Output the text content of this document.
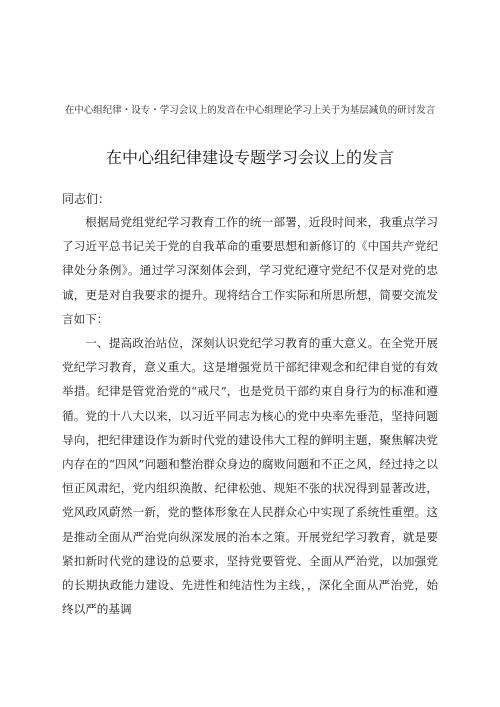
在中心组纪律・设专・学习会议上的发音在中心组理论学习上关于为基层减负的研讨发言
在中心组纪律建设专题学习会议上的发言
同志们：

根据局党组党纪学习教育工作的统一部署，近段时间来，我重点学习了习近平总书记关于党的自我革命的重要思想和新修订的《中国共产党纪律处分条例》。通过学习深刻体会到，学习党纪遵守党纪不仅是对党的忠诚，更是对自我要求的提升。现将结合工作实际和所思所想，简要交流发言如下：

一、提高政治站位，深刻认识党纪学习教育的重大意义。在全党开展党纪学习教育，意义重大。这是增强党员干部纪律观念和纪律自觉的有效举措。纪律是管党治党的“戒尺”，也是党员干部约束自身行为的标准和遵循。党的十八大以来，以习近平同志为核心的党中央率先垂范，坚持问题导向，把纪律建设作为新时代党的建设伟大工程的鲜明主题，聚焦解决党内存在的“四风”问题和整治群众身边的腐败问题和不正之风，经过持之以恒正风肃纪，党内组织涣散、纪律松弛、规矩不张的状况得到显著改进，党风政风蔚然一新，党的整体形象在人民群众心中实现了系统性重塑。这是推动全面从严治党向纵深发展的治本之策。开展党纪学习教育，就是要紧扣新时代党的建设的总要求，坚持党要管党、全面从严治党，以加强党的长期执政能力建设、先进性和纯洁性为主线，，深化全面从严治党，始终以严的基调
